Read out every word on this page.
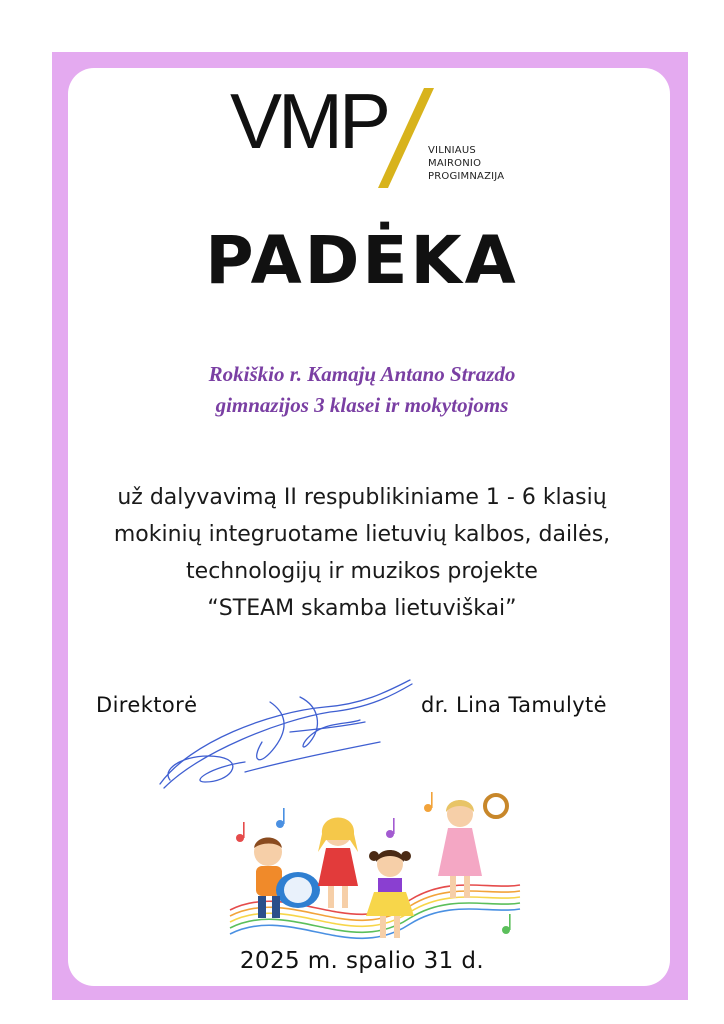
VMP	VILNIAUS
MAIRONIO
PROGIMNAZIJA
PADĖKA
Rokiškio r. Kamajų Antano Strazdo
gimnazijos 3 klasei ir mokytojoms
už dalyvavimą II respublikiniame 1 - 6 klasių
mokinių integruotame lietuvių kalbos, dailės,
technologijų ir muzikos projekte
“STEAM skamba lietuviškai”
Direktorė	dr. Lina Tamulytė
2025 m. spalio 31 d.
